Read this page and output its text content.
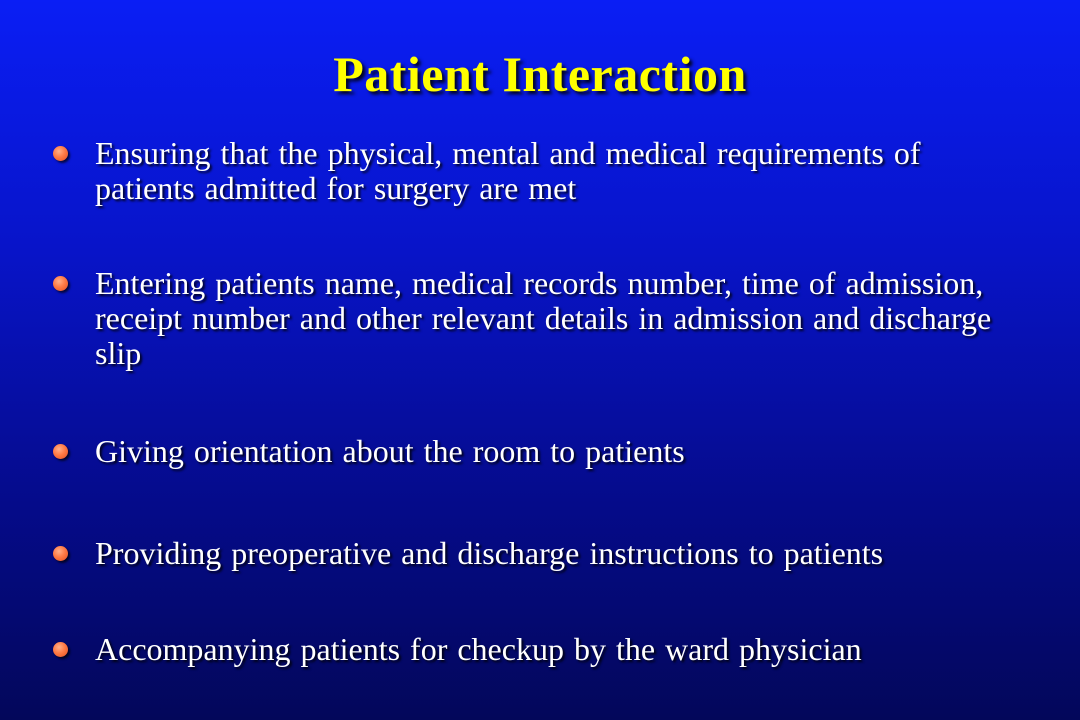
Patient Interaction
Ensuring that the physical, mental and medical requirements of patients admitted for surgery are met
Entering patients name, medical records number, time of admission, receipt number and other relevant details in admission and discharge slip
Giving orientation about the room to patients
Providing preoperative and discharge instructions to patients
Accompanying patients for checkup by the ward physician
